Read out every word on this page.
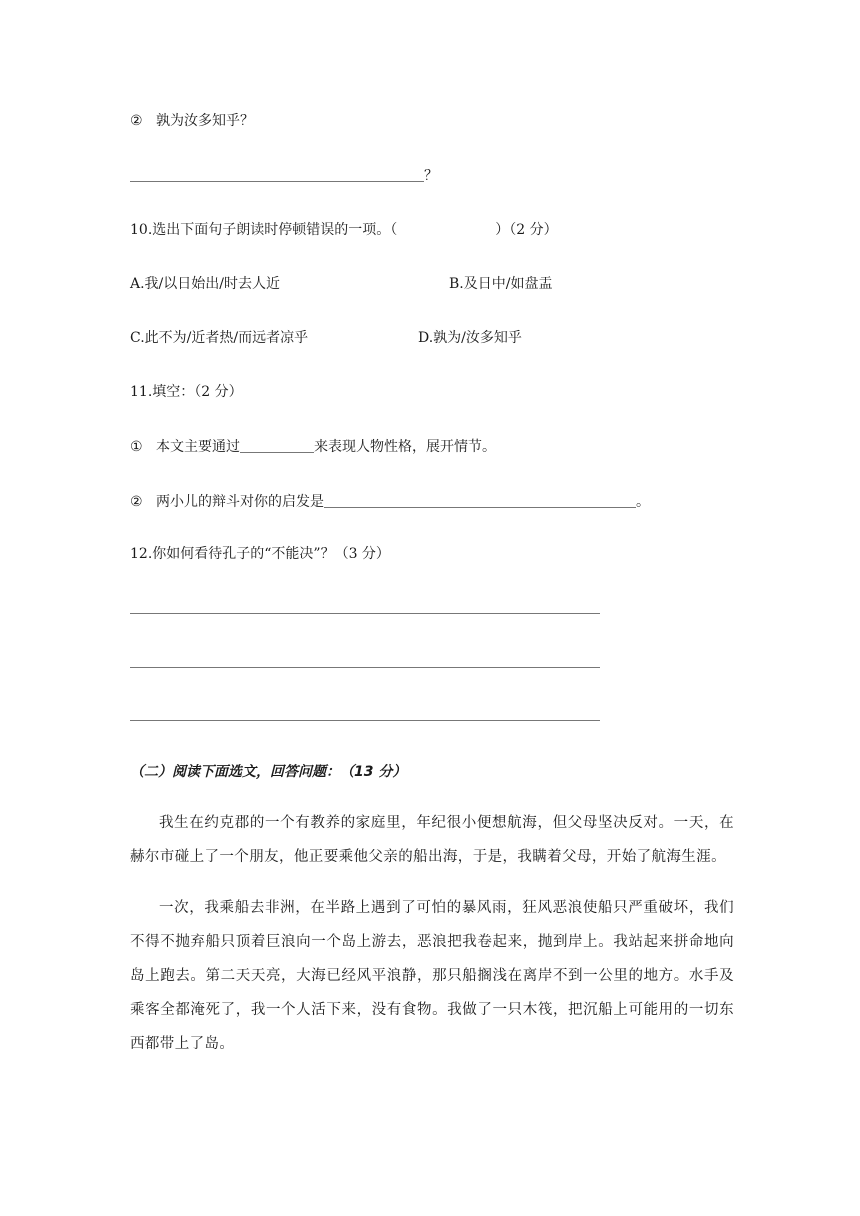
② 孰为汝多知乎？
？
10.选出下面句子朗读时停顿错误的一项。（	）（2 分）
A.我/以日始出/时去人近	B.及日中/如盘盂
C.此不为/近者热/而远者凉乎	D.孰为/汝多知乎
11.填空：（2 分）
① 本文主要通过	来表现人物性格，展开情节。
② 两小儿的辩斗对你的启发是	。
12.你如何看待孔子的“不能决”？（3 分）
（二）阅读下面选文，回答问题：（13 分）
我生在约克郡的一个有教养的家庭里，年纪很小便想航海，但父母坚决反对。一天，在赫尔市碰上了一个朋友，他正要乘他父亲的船出海，于是，我瞒着父母，开始了航海生涯。
一次，我乘船去非洲，在半路上遇到了可怕的暴风雨，狂风恶浪使船只严重破坏，我们不得不抛弃船只顶着巨浪向一个岛上游去，恶浪把我卷起来，抛到岸上。我站起来拼命地向岛上跑去。第二天天亮，大海已经风平浪静，那只船搁浅在离岸不到一公里的地方。水手及乘客全都淹死了，我一个人活下来，没有食物。我做了一只木筏，把沉船上可能用的一切东西都带上了岛。
